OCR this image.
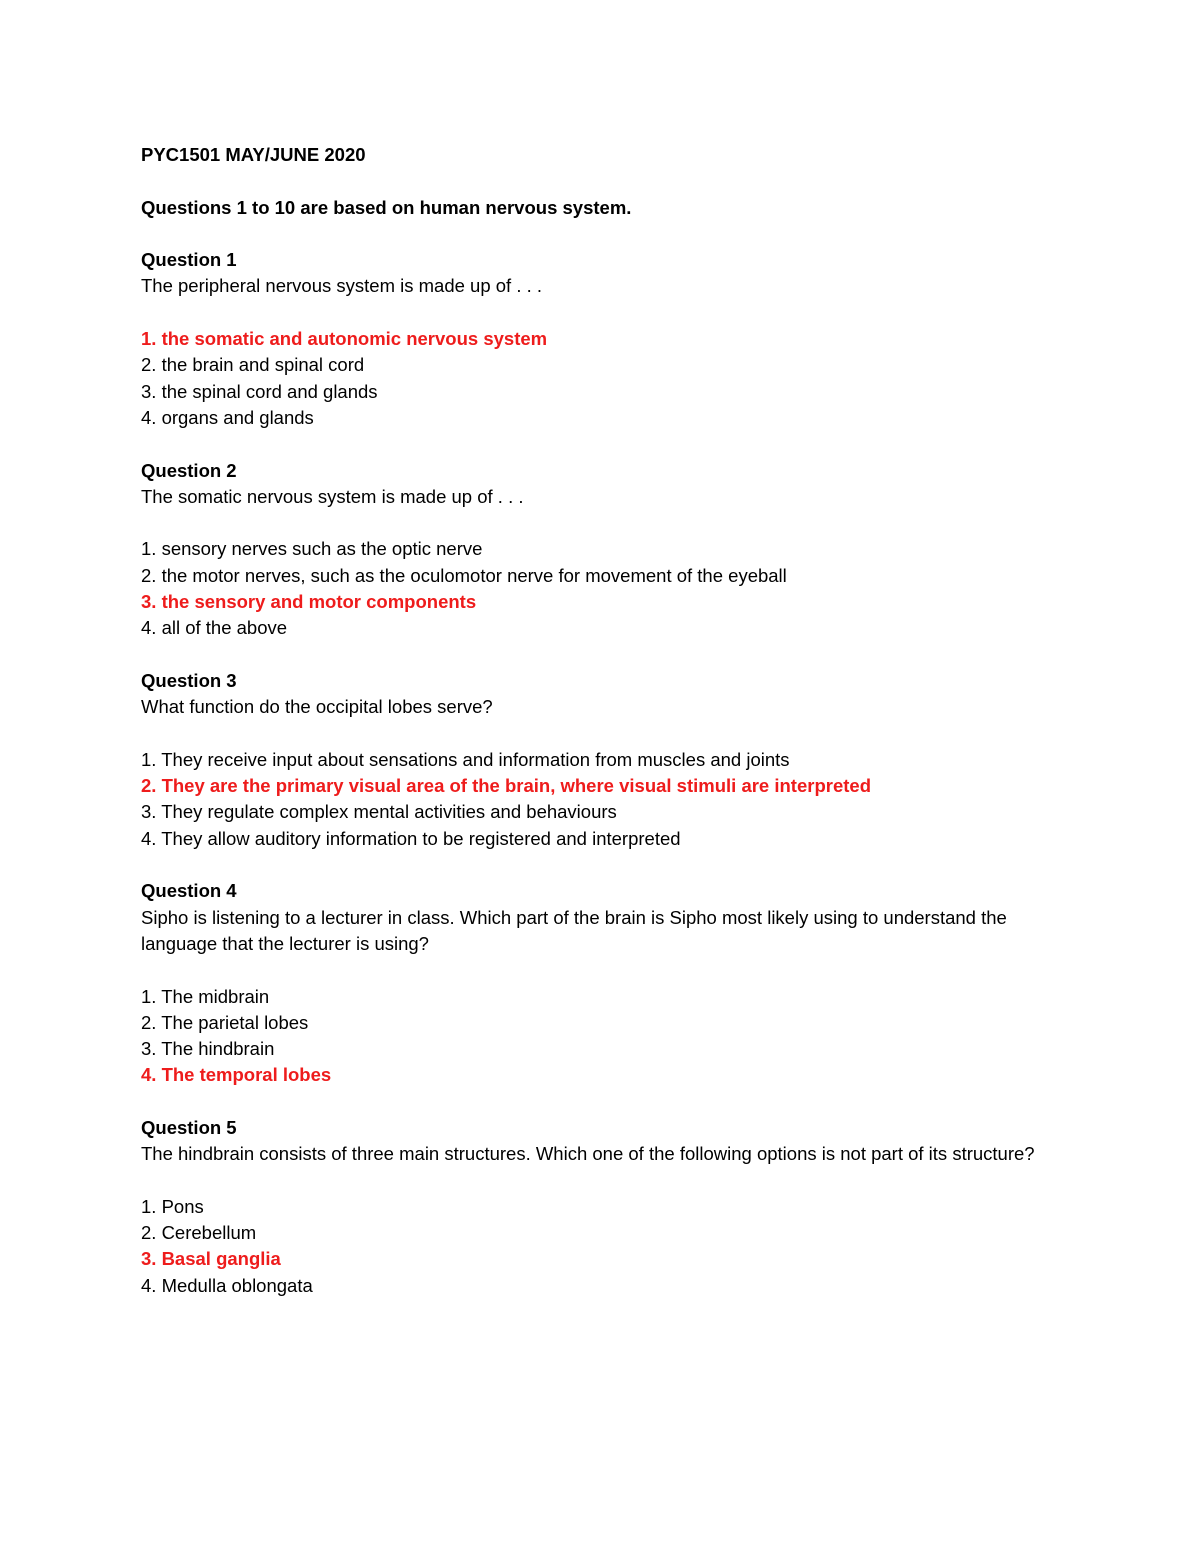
PYC1501 MAY/JUNE 2020
Questions 1 to 10 are based on human nervous system.
Question 1
The peripheral nervous system is made up of . . .
1. the somatic and autonomic nervous system
2. the brain and spinal cord
3. the spinal cord and glands
4. organs and glands
Question 2
The somatic nervous system is made up of . . .
1. sensory nerves such as the optic nerve
2. the motor nerves, such as the oculomotor nerve for movement of the eyeball
3. the sensory and motor components
4. all of the above
Question 3
What function do the occipital lobes serve?
1. They receive input about sensations and information from muscles and joints
2. They are the primary visual area of the brain, where visual stimuli are interpreted
3. They regulate complex mental activities and behaviours
4. They allow auditory information to be registered and interpreted
Question 4
Sipho is listening to a lecturer in class. Which part of the brain is Sipho most likely using to understand the language that the lecturer is using?
1. The midbrain
2. The parietal lobes
3. The hindbrain
4. The temporal lobes
Question 5
The hindbrain consists of three main structures. Which one of the following options is not part of its structure?
1. Pons
2. Cerebellum
3. Basal ganglia
4. Medulla oblongata
